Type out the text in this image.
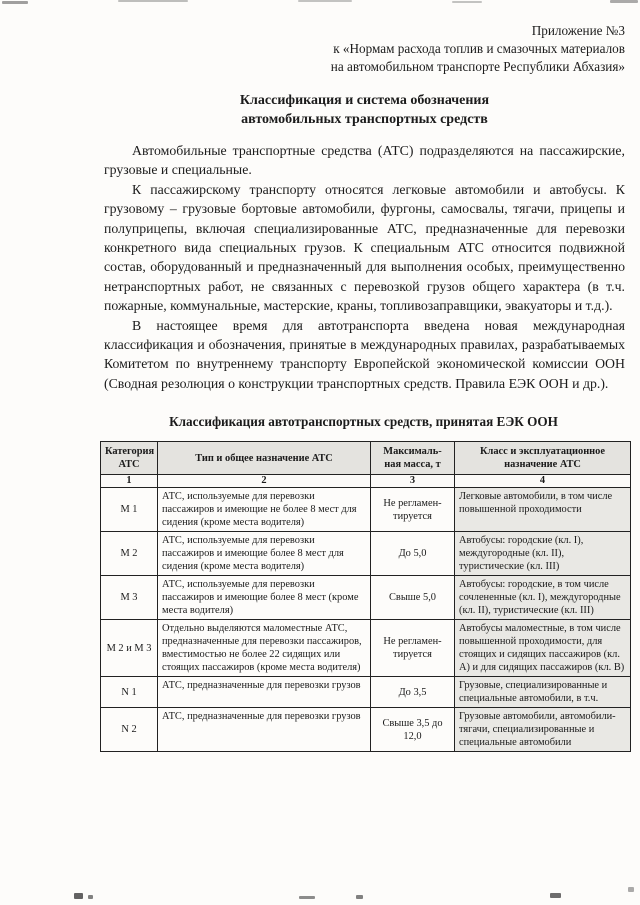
Приложение №3
к «Нормам расхода топлив и смазочных материалов
на автомобильном транспорте Республики Абхазия»
Классификация и система обозначения
автомобильных транспортных средств

Автомобильные транспортные средства (АТС) подразделяются на пассажирские, грузовые и специальные.

К пассажирскому транспорту относятся легковые автомобили и автобусы. К грузовому – грузовые бортовые автомобили, фургоны, самосвалы, тягачи, прицепы и полуприцепы, включая специализированные АТС, предназначенные для перевозки конкретного вида специальных грузов. К специальным АТС относится подвижной состав, оборудованный и предназначенный для выполнения особых, преимущественно нетранспортных работ, не связанных с перевозкой грузов общего характера (в т.ч. пожарные, коммунальные, мастерские, краны, топливозаправщики, эвакуаторы и т.д.).

В настоящее время для автотранспорта введена новая международная классификация и обозначения, принятые в международных правилах, разрабатываемых Комитетом по внутреннему транспорту Европейской экономической комиссии ООН (Сводная резолюция о конструкции транспортных средств. Правила ЕЭК ООН и др.).

Классификация автотранспортных средств, принятая ЕЭК ООН
Категория АТС	Тип и общее назначение АТС	Максималь-ная масса, т	Класс и эксплуатационное назначение АТС
1	2	3	4
М 1	АТС, используемые для перевозки пассажиров и имеющие не более 8 мест для сидения (кроме места водителя)	Не регламен-тируется	Легковые автомобили, в том числе повышенной проходимости
М 2	АТС, используемые для перевозки пассажиров и имеющие более 8 мест для сидения (кроме места водителя)	До 5,0	Автобусы: городские (кл. I), междугородные (кл. II), туристические (кл. III)
М 3	АТС, используемые для перевозки пассажиров и имеющие более 8 мест (кроме места водителя)	Свыше 5,0	Автобусы: городские, в том числе сочлененные (кл. I), междугородные (кл. II), туристические (кл. III)
М 2 и М 3	Отдельно выделяются маломестные АТС, предназначенные для перевозки пассажиров, вместимостью не более 22 сидящих или стоящих пассажиров (кроме места водителя)	Не регламен-тируется	Автобусы маломестные, в том числе повышенной проходимости, для стоящих и сидящих пассажиров (кл. А) и для сидящих пассажиров (кл. В)
N 1	АТС, предназначенные для перевозки грузов	До 3,5	Грузовые, специализированные и специальные автомобили, в т.ч.
N 2	АТС, предназначенные для перевозки грузов	Свыше 3,5 до 12,0	Грузовые автомобили, автомобили-тягачи, специализированные и специальные автомобили
